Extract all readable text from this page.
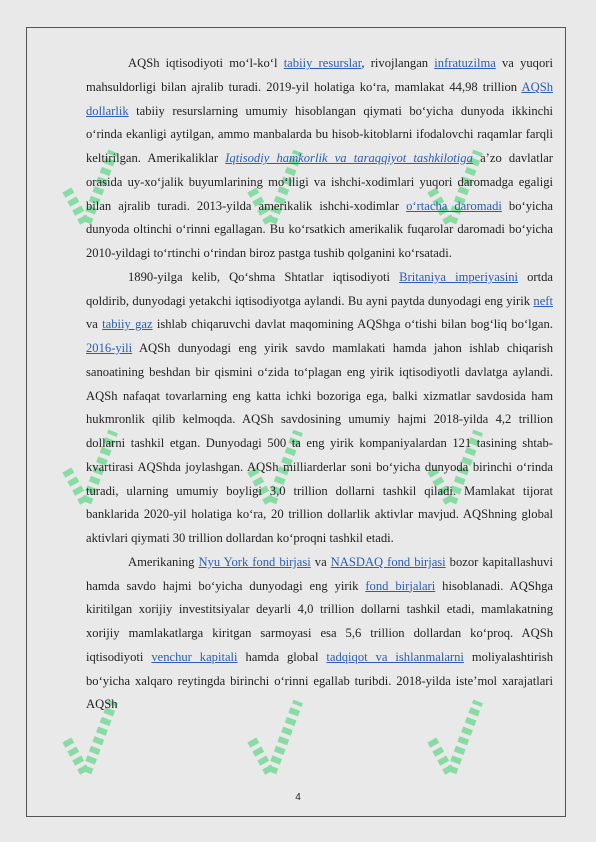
AQSh iqtisodiyoti mo‘l-ko‘l tabiiy resurslar, rivojlangan infratuzilma va yuqori mahsuldorligi bilan ajralib turadi. 2019-yil holatiga ko‘ra, mamlakat 44,98 trillion AQSh dollarlik tabiiy resurslarning umumiy hisoblangan qiymati bo‘yicha dunyoda ikkinchi o‘rinda ekanligi aytilgan, ammo manbalarda bu hisob-kitoblarni ifodalovchi raqamlar farqli keltirilgan. Amerikaliklar Iqtisodiy hamkorlik va taraqqiyot tashkilotiga a’zo davlatlar orasida uy-xo‘jalik buyumlarining mo‘lligi va ishchi-xodimlari yuqori daromadga egaligi bilan ajralib turadi. 2013-yilda amerikalik ishchi-xodimlar o‘rtacha daromadi bo‘yicha dunyoda oltinchi o‘rinni egallagan. Bu ko‘rsatkich amerikalik fuqarolar daromadi bo‘yicha 2010-yildagi to‘rtinchi o‘rindan biroz pastga tushib qolganini ko‘rsatadi.

1890-yilga kelib, Qo‘shma Shtatlar iqtisodiyoti Britaniya imperiyasini ortda qoldirib, dunyodagi yetakchi iqtisodiyotga aylandi. Bu ayni paytda dunyodagi eng yirik neft va tabiiy gaz ishlab chiqaruvchi davlat maqomining AQShga o‘tishi bilan bog‘liq bo‘lgan. 2016-yili AQSh dunyodagi eng yirik savdo mamlakati hamda jahon ishlab chiqarish sanoatining beshdan bir qismini o‘zida to‘plagan eng yirik iqtisodiyotli davlatga aylandi. AQSh nafaqat tovarlarning eng katta ichki bozoriga ega, balki xizmatlar savdosida ham hukmronlik qilib kelmoqda. AQSh savdosining umumiy hajmi 2018-yilda 4,2 trillion dollarni tashkil etgan. Dunyodagi 500 ta eng yirik kompaniyalardan 121 tasining shtab-kvartirasi AQShda joylashgan. AQSh milliarderlar soni bo‘yicha dunyoda birinchi o‘rinda turadi, ularning umumiy boyligi 3,0 trillion dollarni tashkil qiladi. Mamlakat tijorat banklarida 2020-yil holatiga ko‘ra, 20 trillion dollarlik aktivlar mavjud. AQShning global aktivlari qiymati 30 trillion dollardan ko‘proqni tashkil etadi.

Amerikaning Nyu York fond birjasi va NASDAQ fond birjasi bozor kapitallashuvi hamda savdo hajmi bo‘yicha dunyodagi eng yirik fond birjalari hisoblanadi. AQShga kiritilgan xorijiy investitsiyalar deyarli 4,0 trillion dollarni tashkil etadi, mamlakatning xorijiy mamlakatlarga kiritgan sarmoyasi esa 5,6 trillion dollardan ko‘proq. AQSh iqtisodiyoti venchur kapitali hamda global tadqiqot va ishlanmalarni moliyalashtirish bo‘yicha xalqaro reytingda birinchi o‘rinni egallab turibdi. 2018-yilda iste’mol xarajatlari AQSh

4
